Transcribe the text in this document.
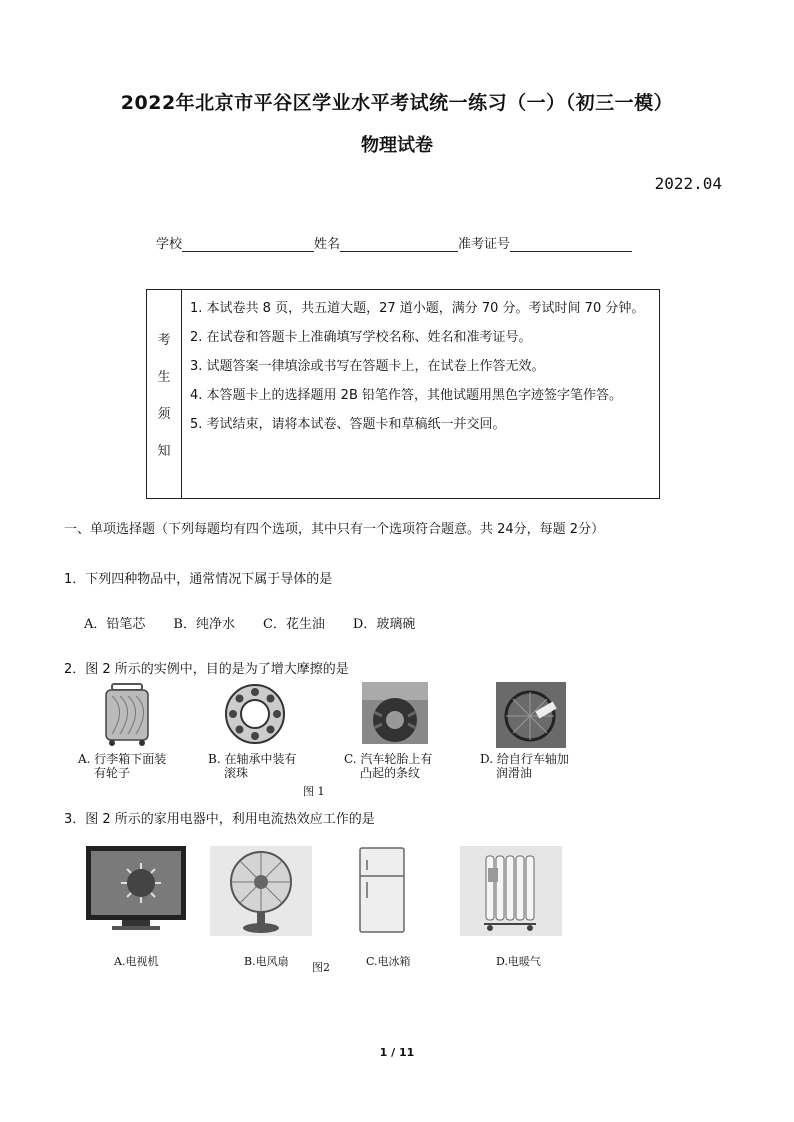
2022年北京市平谷区学业水平考试统一练习（一）（初三一模）
物理试卷
2022.04
学校	姓名	准考证号
考
生
须
知
1. 本试卷共 8 页，共五道大题，27 道小题，满分 70 分。考试时间 70 分钟。
2. 在试卷和答题卡上准确填写学校名称、姓名和准考证号。
3. 试题答案一律填涂或书写在答题卡上，在试卷上作答无效。
4. 本答题卡上的选择题用 2B 铅笔作答，其他试题用黑色字迹签字笔作答。
5. 考试结束，请将本试卷、答题卡和草稿纸一并交回。
一、单项选择题（下列每题均有四个选项，其中只有一个选项符合题意。共 24分，每题 2分）
1．下列四种物品中，通常情况下属于导体的是
A．铅笔芯 B．纯净水 C．花生油 D．玻璃碗
2．图 2 所示的实例中，目的是为了增大摩擦的是
A. 行李箱下面装
有轮子
B. 在轴承中装有
滚珠
C. 汽车轮胎上有
凸起的条纹
D. 给自行车轴加
润滑油
图 1
3．图 2 所示的家用电器中，利用电流热效应工作的是
A.电视机	B.电风扇 图2	C.电冰箱	D.电暖气
1 / 11
